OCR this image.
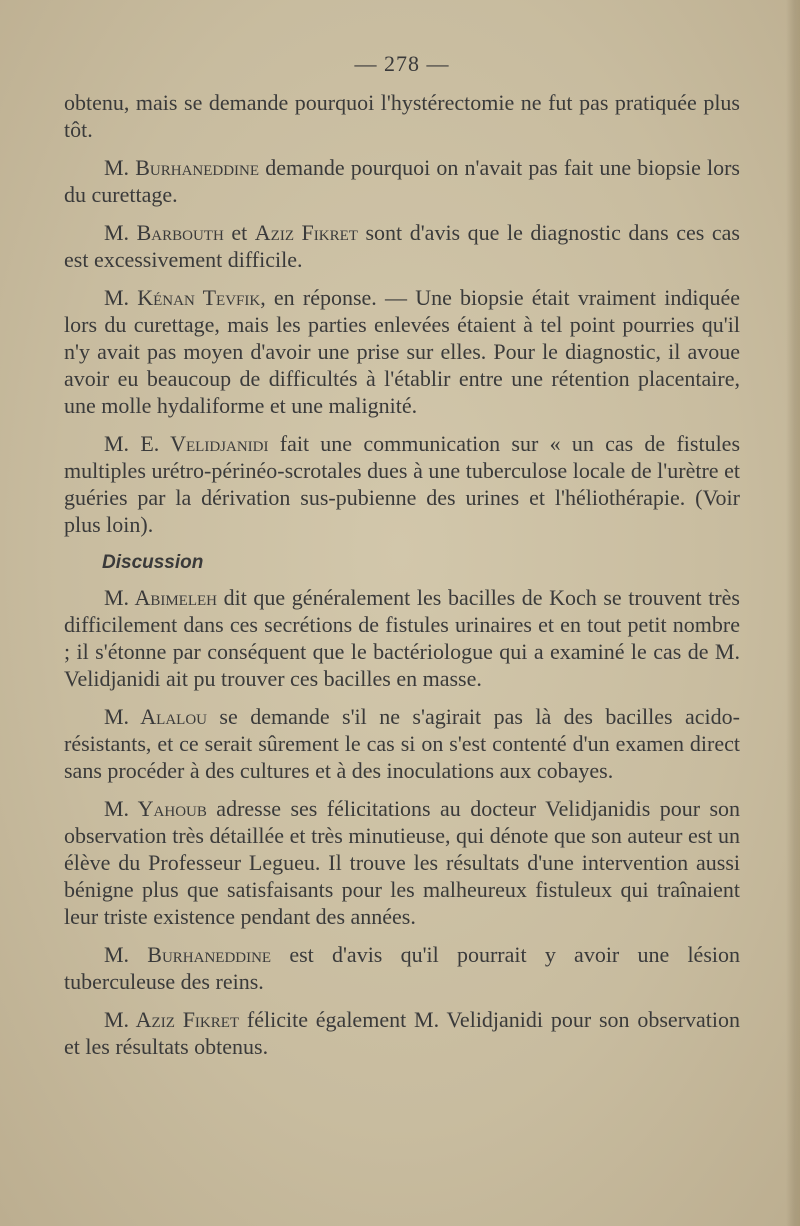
— 278 —

obtenu, mais se demande pourquoi l'hystérectomie ne fut pas pratiquée plus tôt.

M. Burhaneddine demande pourquoi on n'avait pas fait une biopsie lors du curettage.

M. Barbouth et Aziz Fikret sont d'avis que le diagnostic dans ces cas est excessivement difficile.

M. Kénan Tevfik, en réponse. — Une biopsie était vraiment indiquée lors du curettage, mais les parties enlevées étaient à tel point pourries qu'il n'y avait pas moyen d'avoir une prise sur elles. Pour le diagnostic, il avoue avoir eu beaucoup de difficultés à l'établir entre une rétention placentaire, une molle hydaliforme et une malignité.

M. E. Velidjanidi fait une communication sur « un cas de fistules multiples urétro-périnéo-scrotales dues à une tuberculose locale de l'urètre et guéries par la dérivation sus-pubienne des urines et l'héliothérapie. (Voir plus loin).

Discussion

M. Abimeleh dit que généralement les bacilles de Koch se trouvent très difficilement dans ces secrétions de fistules urinaires et en tout petit nombre ; il s'étonne par conséquent que le bactériologue qui a examiné le cas de M. Velidjanidi ait pu trouver ces bacilles en masse.

M. Alalou se demande s'il ne s'agirait pas là des bacilles acido-résistants, et ce serait sûrement le cas si on s'est contenté d'un examen direct sans procéder à des cultures et à des inoculations aux cobayes.

M. Yahoub adresse ses félicitations au docteur Velidjanidis pour son observation très détaillée et très minutieuse, qui dénote que son auteur est un élève du Professeur Legueu. Il trouve les résultats d'une intervention aussi bénigne plus que satisfaisants pour les malheureux fistuleux qui traînaient leur triste existence pendant des années.

M. Burhaneddine est d'avis qu'il pourrait y avoir une lésion tuberculeuse des reins.

M. Aziz Fikret félicite également M. Velidjanidi pour son observation et les résultats obtenus.
